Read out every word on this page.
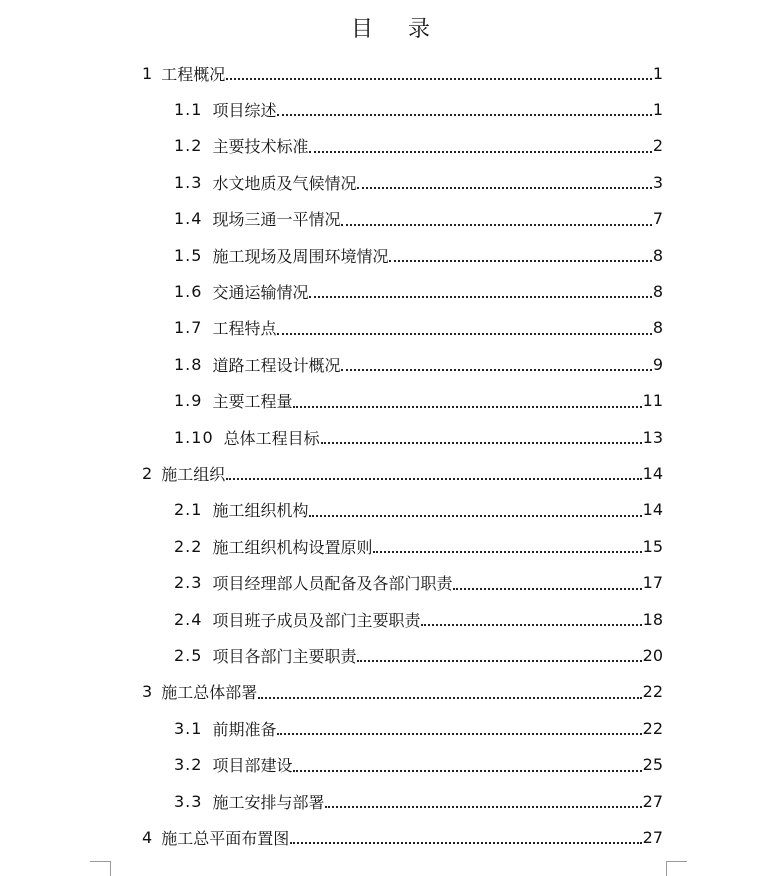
目 录
1 工程概况	1
1.1 项目综述	1
1.2 主要技术标准	2
1.3 水文地质及气候情况	3
1.4 现场三通一平情况	7
1.5 施工现场及周围环境情况	8
1.6 交通运输情况	8
1.7 工程特点	8
1.8 道路工程设计概况	9
1.9 主要工程量	11
1.10 总体工程目标	13
2 施工组织	14
2.1 施工组织机构	14
2.2 施工组织机构设置原则	15
2.3 项目经理部人员配备及各部门职责	17
2.4 项目班子成员及部门主要职责	18
2.5 项目各部门主要职责	20
3 施工总体部署	22
3.1 前期准备	22
3.2 项目部建设	25
3.3 施工安排与部署	27
4 施工总平面布置图	27
